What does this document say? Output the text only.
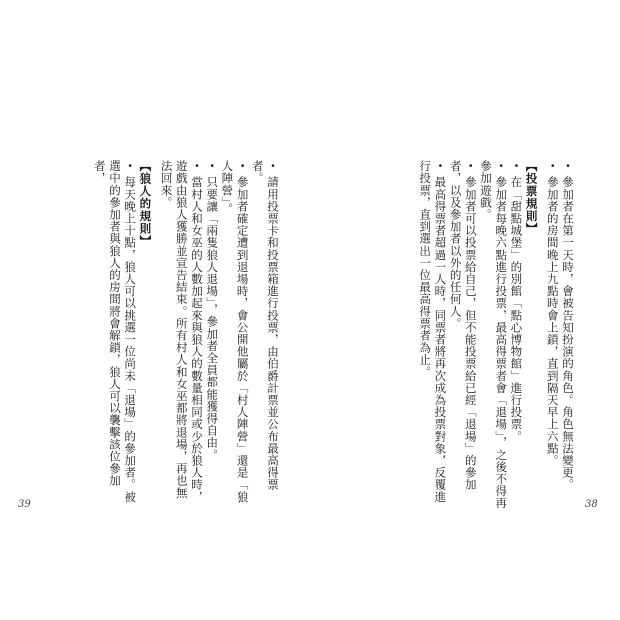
・參加者在第一天時，會被告知扮演的角色。角色無法變更。
・參加者的房間晚上九點時會上鎖，直到隔天早上六點。
【投票規則】
・在「甜點城堡」的別館「點心博物館」進行投票。
・參加者每晚六點進行投票，最高得票者會「退場」，之後不得再參加遊戲。
・參加者可以投票給自己，但不能投票給已經「退場」的參加者，以及參加者以外的任何人。
・最高得票者超過一人時，同票者將再次成為投票對象，反覆進行投票，直到選出一位最高得票者為止。
・請用投票卡和投票箱進行投票，由伯爵計票並公布最高得票者。
・參加者確定遭到退場時，會公開他屬於「村人陣營」還是「狼人陣營」。
・只要讓「兩隻狼人退場」，參加者全員都能獲得自由。
・當村人和女巫的人數加起來與狼人的數量相同或少於狼人時，遊戲由狼人獲勝並宣告結束。所有村人和女巫都將退場，再也無法回來。
【狼人的規則】
・每天晚上十點，狼人可以挑選一位尚未「退場」的參加者。被選中的參加者與狼人的房間將會解鎖，狼人可以襲擊該位參加者，
39	38
